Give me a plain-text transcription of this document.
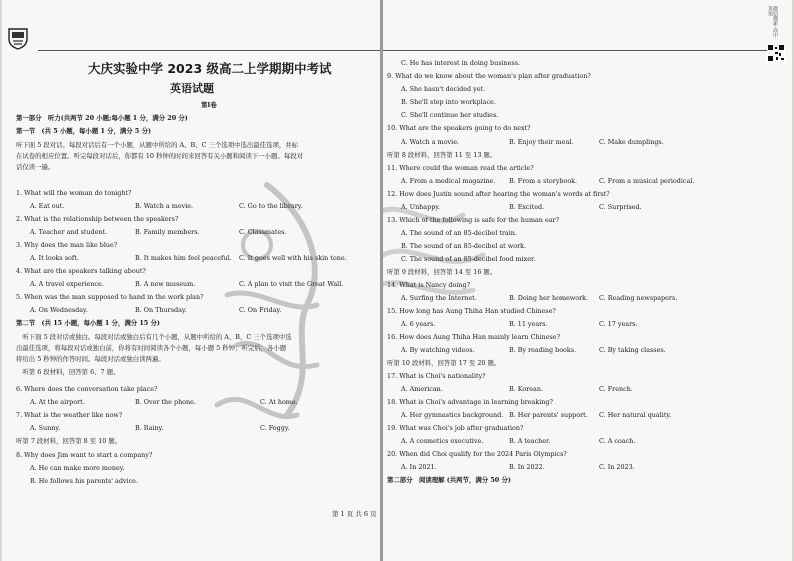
大庆实验中学 2023 级高二上学期期中考试
英语试题
第Ⅰ卷
第一部分　听力(共两节 20 小题;每小题 1 分，满分 20 分)
第一节　(共 5 小题，每小题 1 分，满分 5 分)
听下面 5 段对话。每段对话后有一个小题，从题中所给的 A、B、C 三个选项中选出最佳选项，并标
在试卷的相应位置。听完每段对话后，你都有 10 秒钟的时间来回答有关小题和阅读下一小题。每段对
话仅读一遍。
1. What will the woman do tonight?
A. Eat out.	B. Watch a movie.	C. Go to the library.
2. What is the relationship between the speakers?
A. Teacher and student.	B. Family members.	C. Classmates.
3. Why does the man like blue?
A. It looks soft.	B. It makes him feel peaceful. C. It goes well with his skin tone.
4. What are the speakers talking about?
A. A travel experience.	B. A new museum.	C. A plan to visit the Great Wall.
5. When was the man supposed to hand in the work plan?
A. On Wednesday.	B. On Thursday.	C. On Friday.
第二节　(共 15 小题，每小题 1 分，满分 15 分)
　听下面 5 段对话或独白。每段对话或独白后有几个小题，从题中所给的 A、B、C 三个选项中选
出最佳选项，将每段对话或独白前，你将有时间阅读各个小题，每小题 5 秒钟；听完后，各小题
将给出 5 秒钟的作答时间。每段对话或独白读两遍。
　听第 6 段材料，回答第 6、7 题。
6. Where does the conversation take place?
A. At the airport.	B. Over the phone.	C. At home.
7. What is the weather like now?
A. Sunny.	B. Rainy.	C. Foggy.
听第 7 段材料，回答第 8 至 10 题。
8. Why does Jim want to start a company?
A. He can make more money.
B. He follows his parents' advice.
第 1 页 共 6 页
C. He has interest in doing business.
9. What do we know about the woman's plan after graduation?
A. She hasn't decided yet.
B. She'll step into workplace.
C. She'll continue her studies.
10. What are the speakers going to do next?
A. Watch a movie.	B. Enjoy their meal.	C. Make dumplings.
听第 8 段材料，回答第 11 至 13 题。
11. Where could the woman read the article?
A. From a medical magazine. B. From a storybook.	C. From a musical periodical.
12. How does Justin sound after hearing the woman's words at first?
A. Unhappy.	B. Excited.	C. Surprised.
13. Which of the following is safe for the human ear?
A. The sound of an 85-decibel train.
B. The sound of an 85-decibel at work.
C. The sound of an 85-decibel food mixer.
听第 9 段材料，回答第 14 至 16 题。
14. What is Nancy doing?
A. Surfing the Internet.	B. Doing her homework. C. Reading newspapers.
15. How long has Aung Thiha Han studied Chinese?
A. 6 years.	B. 11 years.	C. 17 years.
16. How does Aung Thiha Han mainly learn Chinese?
A. By watching videos.	B. By reading books.	C. By taking classes.
听第 10 段材料，回答第 17 至 20 题。
17. What is Choi's nationality?
A. American.	B. Korean.	C. French.
18. What is Choi's advantage in learning breaking?
A. Her gymnastics background. B. Her parents' support. C. Her natural quality.
19. What was Choi's job after graduation?
A. A cosmetics executive.	B. A teacher.	C. A coach.
20. When did Choi qualify for the 2024 Paris Olympics?
A. In 2021.	B. In 2022.	C. In 2023.
第二部分　阅读理解 (共两节，满分 50 分)
微信搜索 高中英语
